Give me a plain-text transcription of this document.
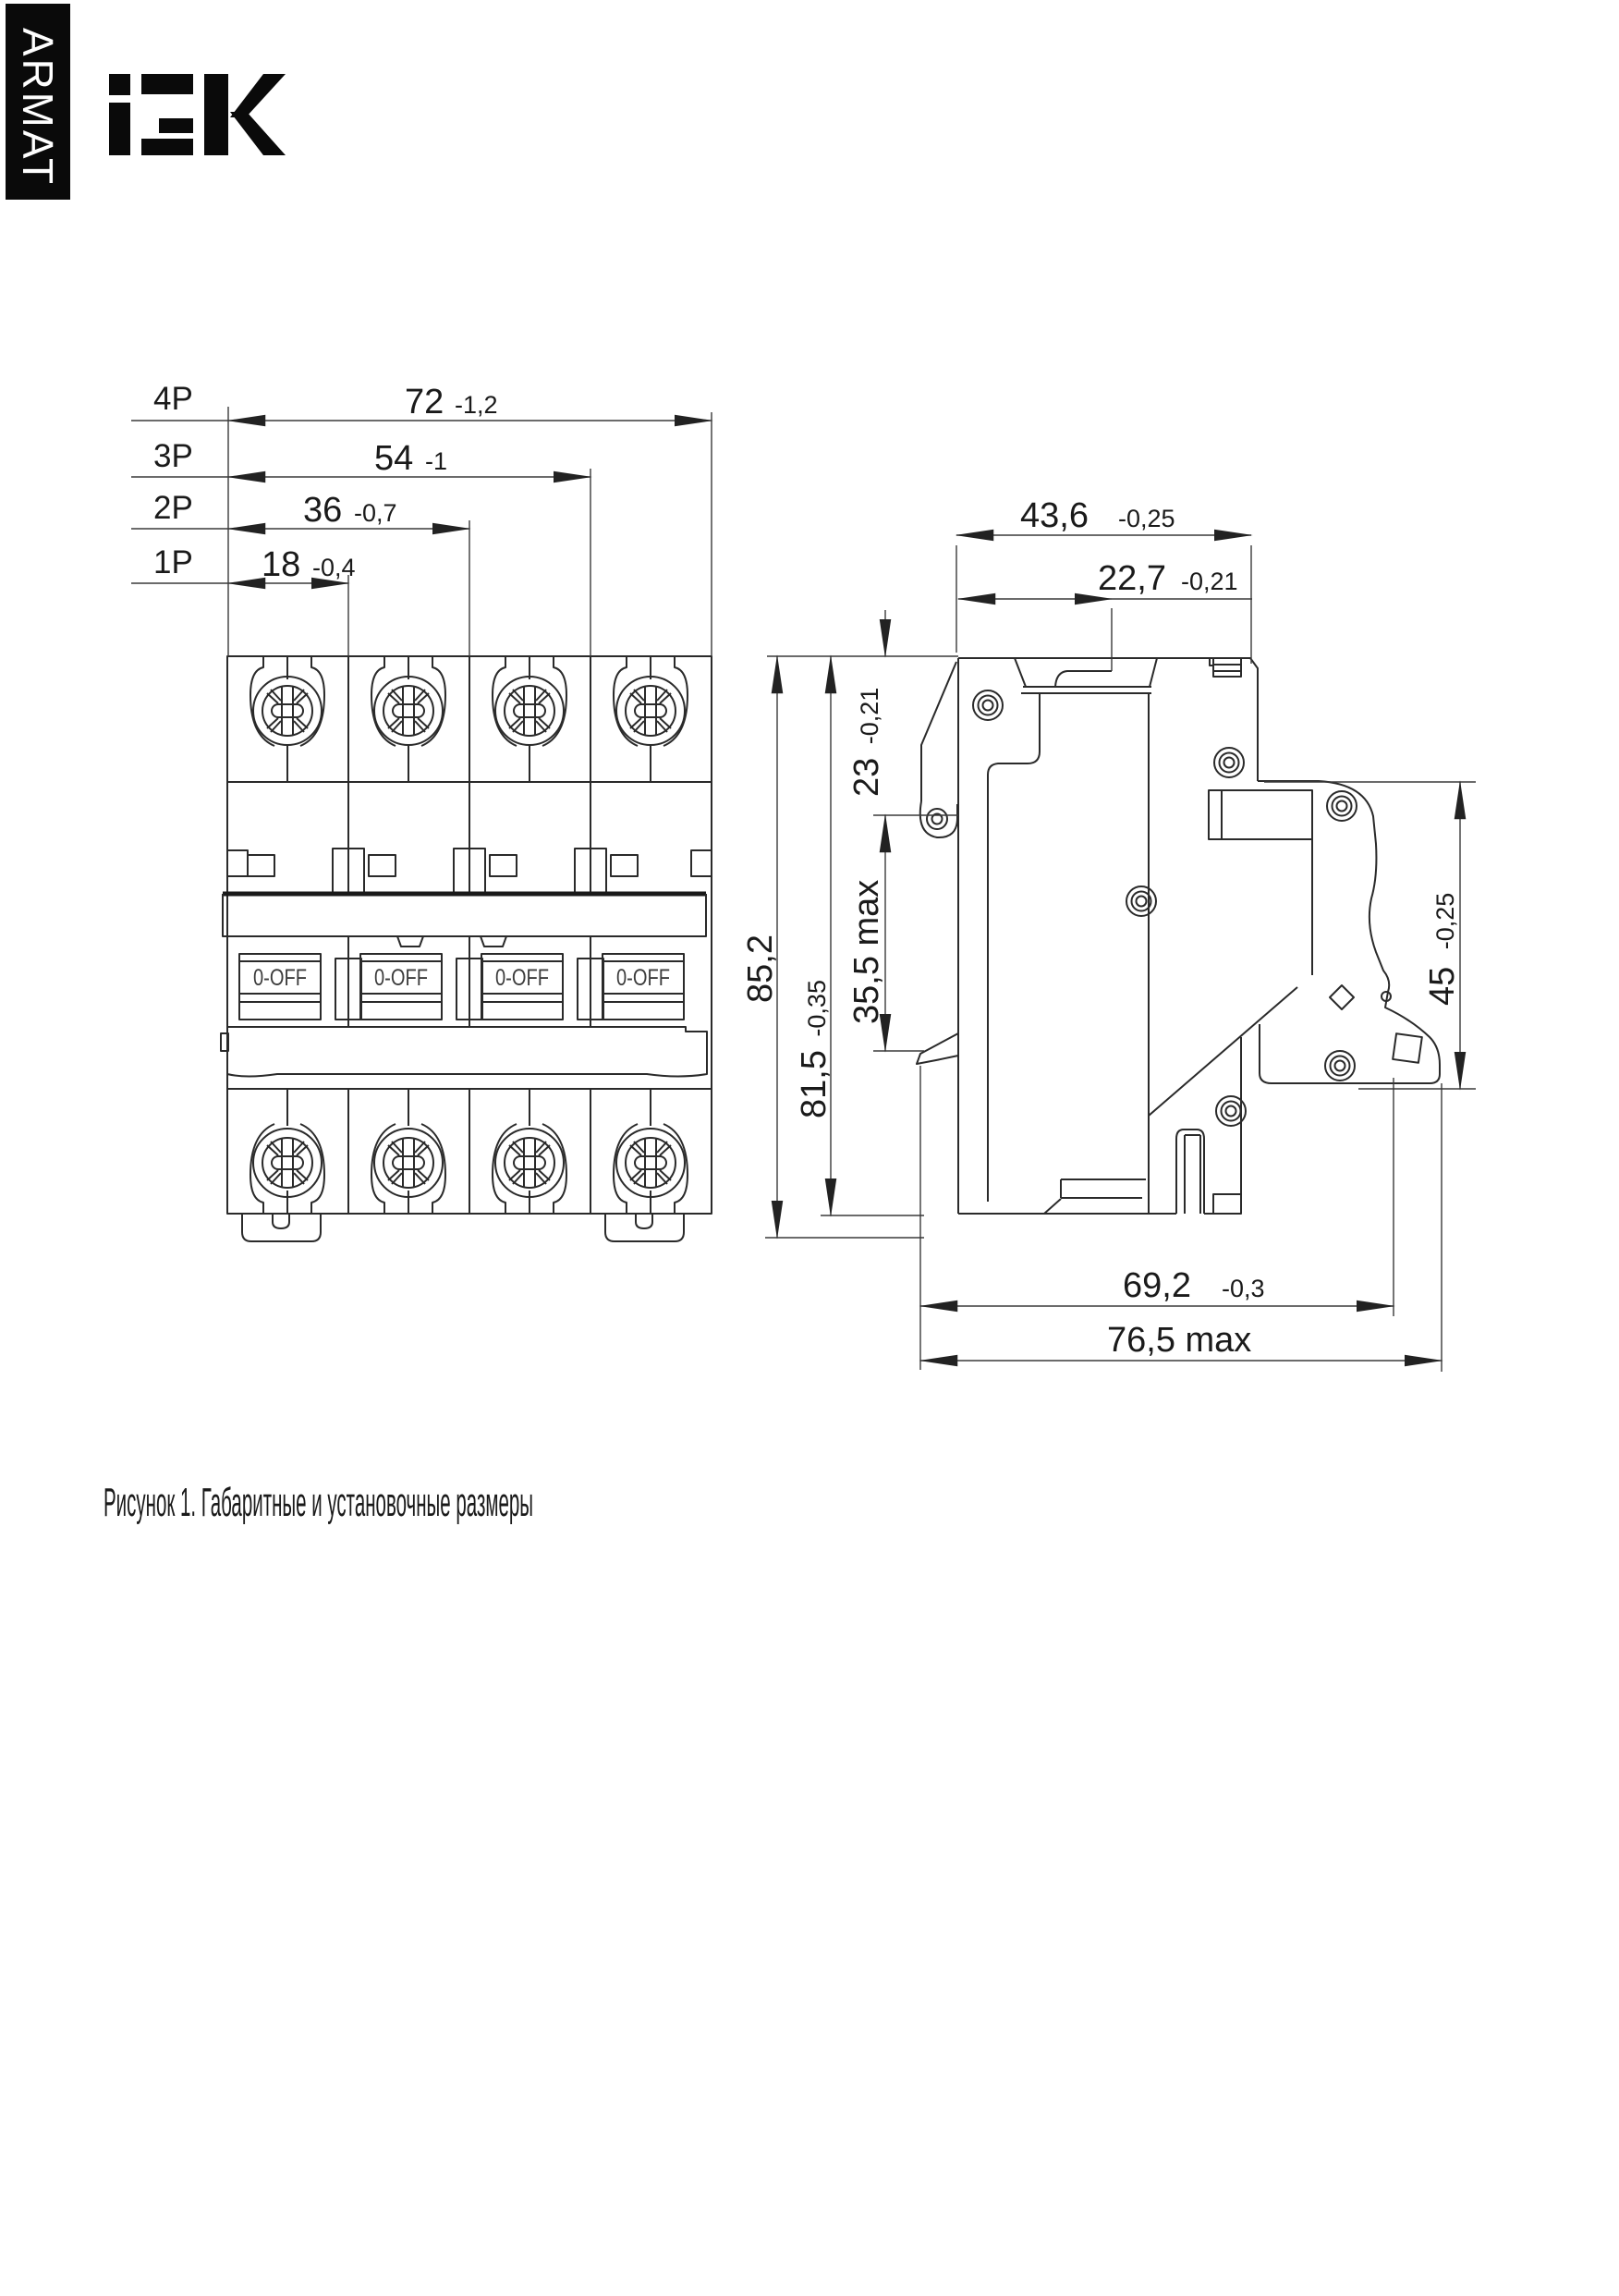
ARMAT
0-OFF	0-OFF	0-OFF	0-OFF
4P
3P
2P
1P
72 -1,2
54 -1
36 -0,7
18 -0,4
43,6 -0,25
22,7 -0,21
23 -0,21
35,5 max
81,5 -0,35
85,2	45 -0,25
69,2 -0,3
76,5 max
Рисунок 1. Габаритные и установочные размеры
